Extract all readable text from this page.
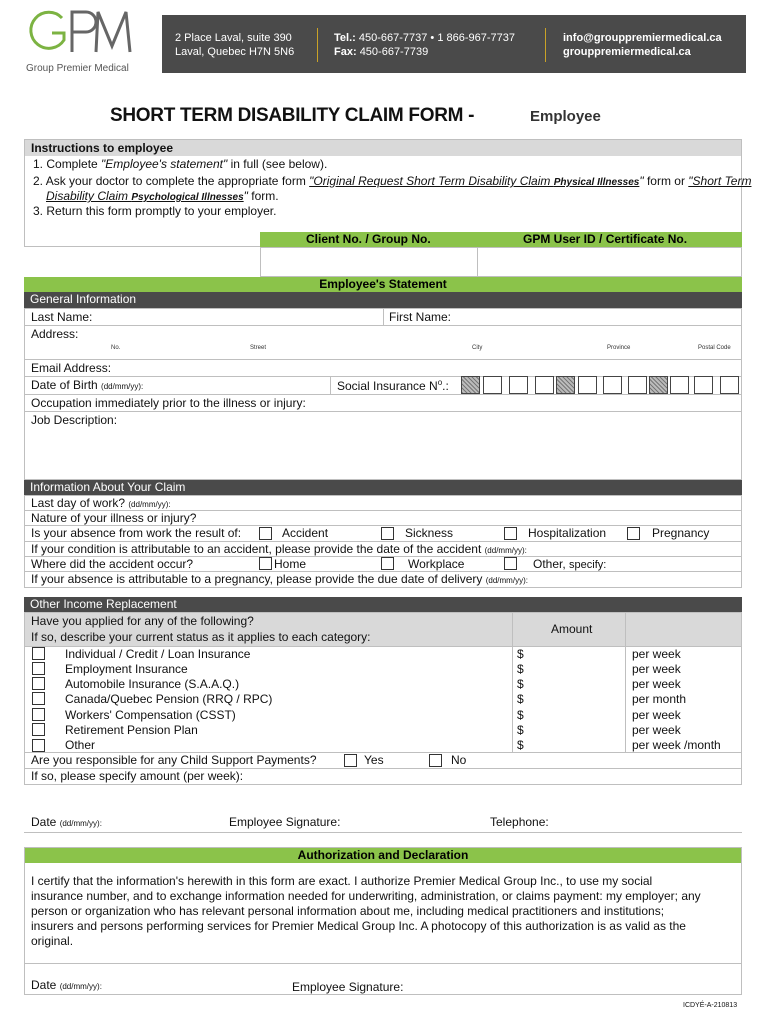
Group Premier Medical
2 Place Laval, suite 390
Laval, Quebec H7N 5N6
Tel.: 450-667-7737 • 1 866-967-7737
Fax: 450-667-7739
info@grouppremiermedical.ca
grouppremiermedical.ca
SHORT TERM DISABILITY CLAIM FORM -	Employee
Instructions to employee
1. Complete "Employee's statement" in full (see below).
2. Ask your doctor to complete the appropriate form "Original Request Short Term Disability Claim Physical Illnesses" form or "Short Term
Disability Claim Psychological Illnesses" form.
3. Return this form promptly to your employer.
Client No. / Group No.	GPM User ID / Certificate No.
Employee's Statement
General Information
Last Name:	First Name:
Address:
No.	Street	City	Province	Postal Code
Email Address:
Date of Birth (dd/mm/yy):	Social Insurance $N^o$.:
Occupation immediately prior to the illness or injury:
Job Description:
Information About Your Claim
Last day of work? (dd/mm/yy):
Nature of your illness or injury?
Is your absence from work the result of:	Accident	Sickness	Hospitalization	Pregnancy
If your condition is attributable to an accident, please provide the date of the accident (dd/mm/yy):
Where did the accident occur?	Home	Workplace	Other, specify:
If your absence is attributable to a pregnancy, please provide the due date of delivery (dd/mm/yy):
Other Income Replacement
Have you applied for any of the following?
If so, describe your current status as it applies to each category:
Amount
Individual / Credit / Loan Insurance	$	per week
Employment Insurance	$	per week
Automobile Insurance (S.A.A.Q.)	$	per week
Canada/Quebec Pension (RRQ / RPC)	$	per month
Workers' Compensation (CSST)	$	per week
Retirement Pension Plan	$	per week
Other	$	per week /month
Are you responsible for any Child Support Payments?	Yes	No
If so, please specify amount (per week):
Date (dd/mm/yy):	Employee Signature:	Telephone:
Authorization and Declaration
I certify that the information's herewith in this form are exact. I authorize Premier Medical Group Inc., to use my social
insurance number, and to exchange information needed for underwriting, administration, or claims payment: my employer; any
person or organization who has relevant personal information about me, including medical practitioners and institutions;
insurers and persons performing services for Premier Medical Group Inc. A photocopy of this authorization is as valid as the
original.
Date (dd/mm/yy):	Employee Signature:
ICDYÉ-A-210813
